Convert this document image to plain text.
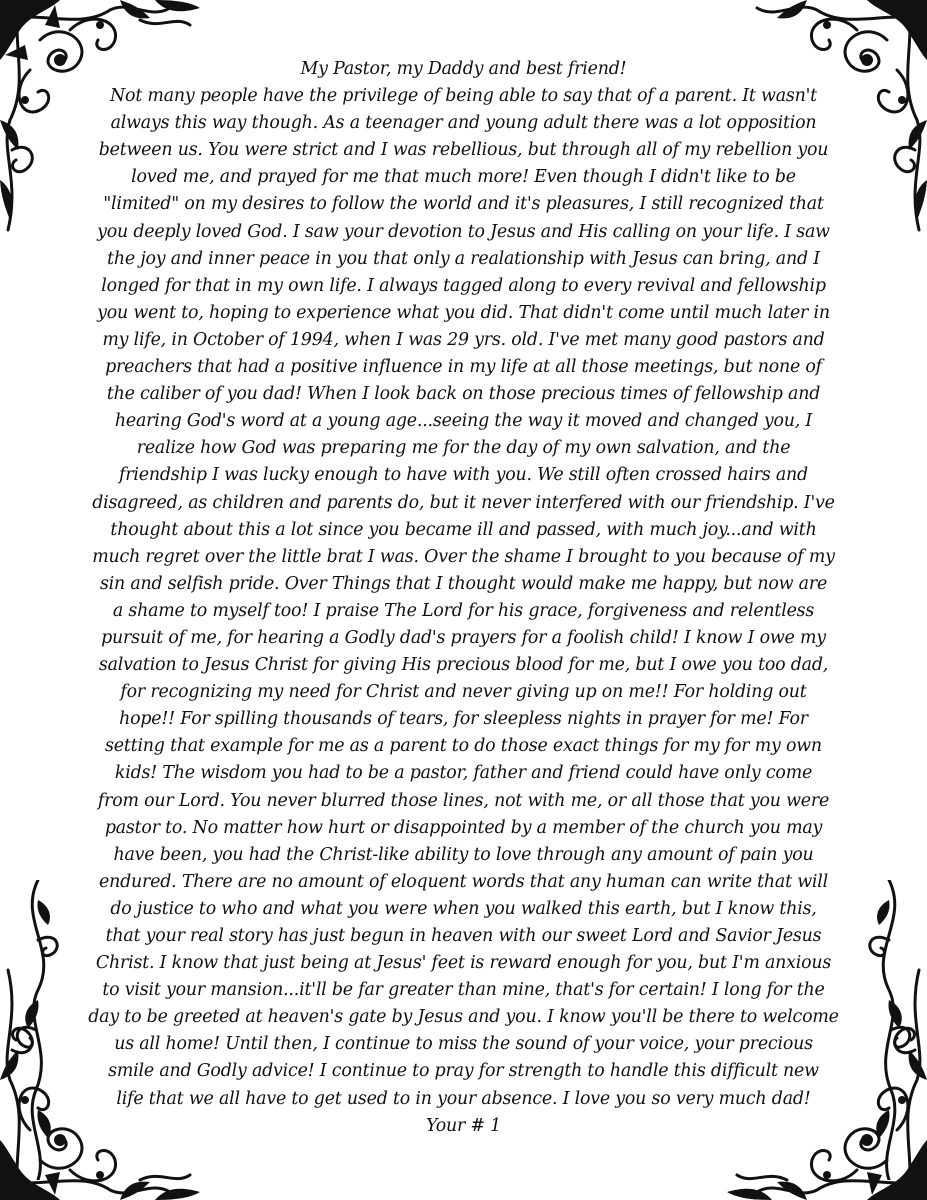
My Pastor, my Daddy and best friend!
Not many people have the privilege of being able to say that of a parent. It wasn't
always this way though. As a teenager and young adult there was a lot opposition
between us. You were strict and I was rebellious, but through all of my rebellion you
loved me, and prayed for me that much more! Even though I didn't like to be
"limited" on my desires to follow the world and it's pleasures, I still recognized that
you deeply loved God. I saw your devotion to Jesus and His calling on your life. I saw
the joy and inner peace in you that only a realationship with Jesus can bring, and I
longed for that in my own life. I always tagged along to every revival and fellowship
you went to, hoping to experience what you did. That didn't come until much later in
my life, in October of 1994, when I was 29 yrs. old. I've met many good pastors and
preachers that had a positive influence in my life at all those meetings, but none of
the caliber of you dad! When I look back on those precious times of fellowship and
hearing God's word at a young age...seeing the way it moved and changed you, I
realize how God was preparing me for the day of my own salvation, and the
friendship I was lucky enough to have with you. We still often crossed hairs and
disagreed, as children and parents do, but it never interfered with our friendship. I've
thought about this a lot since you became ill and passed, with much joy...and with
much regret over the little brat I was. Over the shame I brought to you because of my
sin and selfish pride. Over Things that I thought would make me happy, but now are
a shame to myself too! I praise The Lord for his grace, forgiveness and relentless
pursuit of me, for hearing a Godly dad's prayers for a foolish child! I know I owe my
salvation to Jesus Christ for giving His precious blood for me, but I owe you too dad,
for recognizing my need for Christ and never giving up on me!! For holding out
hope!! For spilling thousands of tears, for sleepless nights in prayer for me! For
setting that example for me as a parent to do those exact things for my for my own
kids! The wisdom you had to be a pastor, father and friend could have only come
from our Lord. You never blurred those lines, not with me, or all those that you were
pastor to. No matter how hurt or disappointed by a member of the church you may
have been, you had the Christ-like ability to love through any amount of pain you
endured. There are no amount of eloquent words that any human can write that will
do justice to who and what you were when you walked this earth, but I know this,
that your real story has just begun in heaven with our sweet Lord and Savior Jesus
Christ. I know that just being at Jesus' feet is reward enough for you, but I'm anxious
to visit your mansion...it'll be far greater than mine, that's for certain! I long for the
day to be greeted at heaven's gate by Jesus and you. I know you'll be there to welcome
us all home! Until then, I continue to miss the sound of your voice, your precious
smile and Godly advice! I continue to pray for strength to handle this difficult new
life that we all have to get used to in your absence. I love you so very much dad!
Your # 1
